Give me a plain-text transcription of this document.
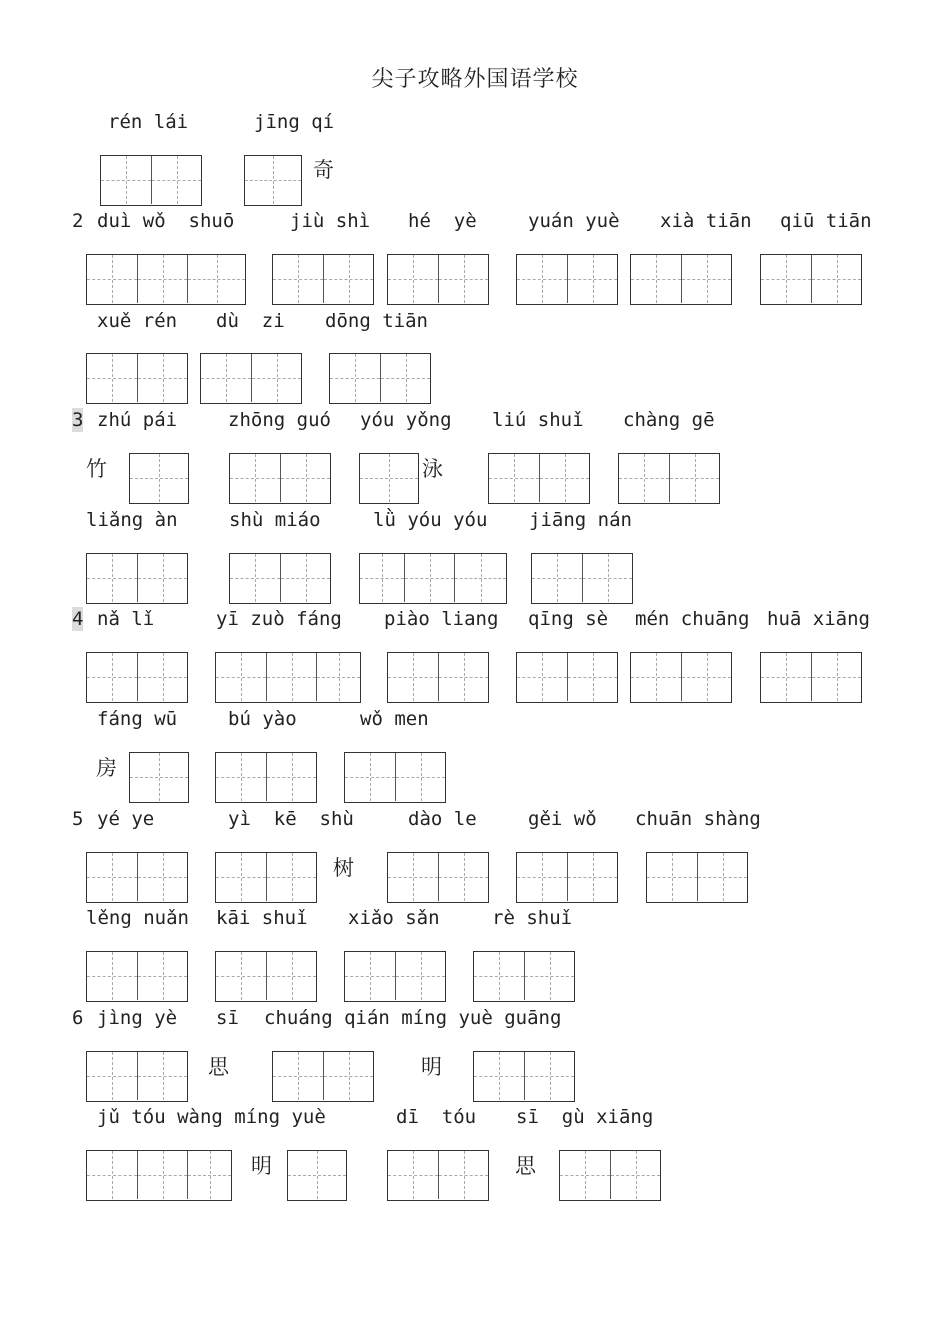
尖子攻略外国语学校
rén lái	jīng qí
奇
2 duì wǒ  shuō	jiù shì hé  yè	yuán yuè xià tiān qiū tiān
xuě rén dù  zi dōng tiān
3 zhú pái	zhōng guó yóu yǒng liú shuǐ chàng gē
竹	泳
liǎng àn	shù miáo	lǜ yóu yóu jiāng nán
4 nǎ lǐ	yī zuò fáng piào liang qīng sè mén chuāng huā xiāng
fáng wū	bú yào	wǒ men
房
5 yé ye	yì  kē  shù	dào le	gěi wǒ chuān shàng
树
lěng nuǎn kāi shuǐ xiǎo sǎn	rè shuǐ
6 jìng yè sī chuáng qián míng yuè guāng
思	明
jǔ tóu wàng míng yuè	dī  tóu sī  gù xiāng
明	思
